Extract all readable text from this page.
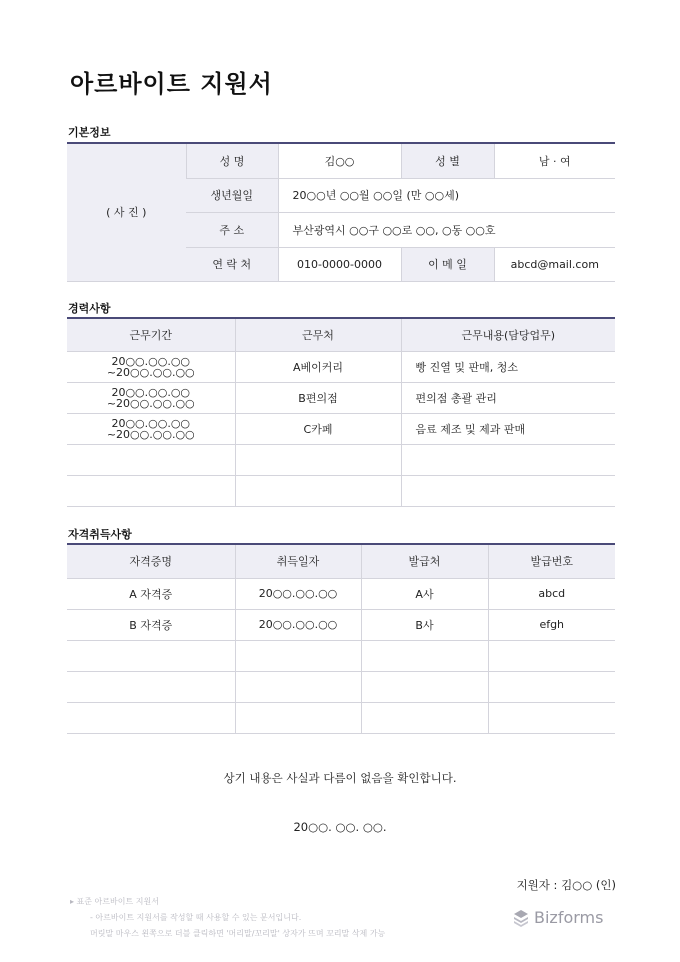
아르바이트 지원서
기본정보
( 사 진 )	성 명	김○○	성 별	남 · 여
	생년월일	20○○년 ○○월 ○○일 (만 ○○세)		
	주 소	부산광역시 ○○구 ○○로 ○○, ○동 ○○호		
	연 락 처	010-0000-0000	이 메 일	abcd@mail.com
경력사항
근무기간	근무처	근무내용(담당업무)
20○○.○○.○○
~20○○.○○.○○	A베이커리	빵 진열 및 판매, 청소
20○○.○○.○○
~20○○.○○.○○	B편의점	편의점 총괄 관리
20○○.○○.○○
~20○○.○○.○○	C카페	음료 제조 및 제과 판매

자격취득사항
자격증명	취득일자	발급처	발급번호
A 자격증	20○○.○○.○○	A사	abcd
B 자격증	20○○.○○.○○	B사	efgh

상기 내용은 사실과 다름이 없음을 확인합니다.
20○○. ○○. ○○.
지원자 : 김○○ (인)
▸ 표준 아르바이트 지원서
- 아르바이트 지원서를 작성할 때 사용할 수 있는 문서입니다.
머릿말 마우스 왼쪽으로 더블 클릭하면 '머리말/꼬리말' 상자가 뜨며 꼬리말 삭제 가능
Bizforms
